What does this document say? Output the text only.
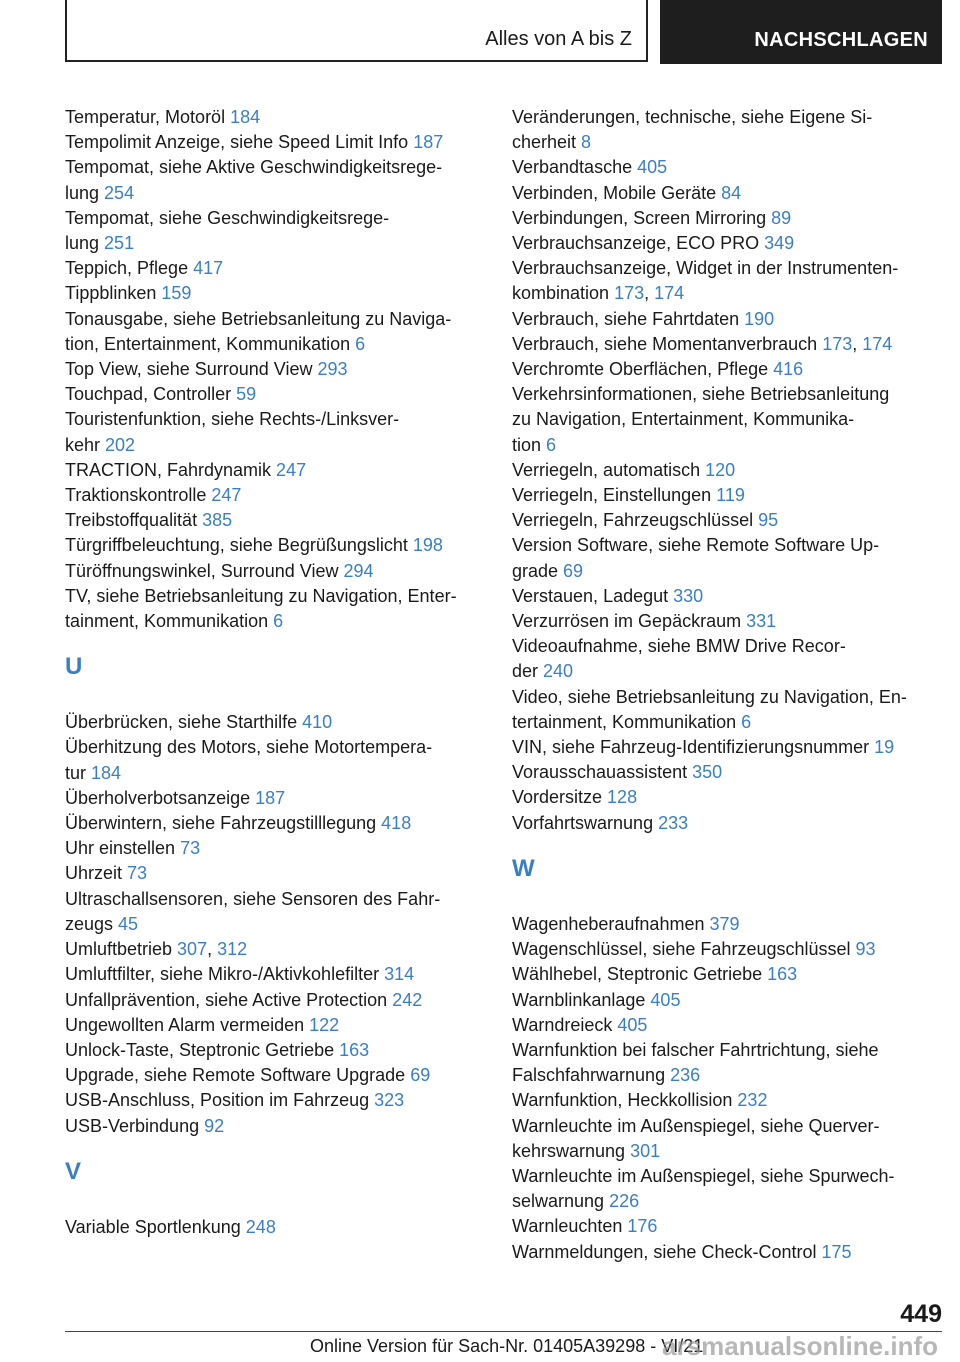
Alles von A bis Z	NACHSCHLAGEN
Temperatur, Motoröl 184
Tempolimit Anzeige, siehe Speed Limit Info 187
Tempomat, siehe Aktive Geschwindigkeitsrege-
lung 254
Tempomat, siehe Geschwindigkeitsrege-
lung 251
Teppich, Pflege 417
Tippblinken 159
Tonausgabe, siehe Betriebsanleitung zu Naviga-
tion, Entertainment, Kommunikation 6
Top View, siehe Surround View 293
Touchpad, Controller 59
Touristenfunktion, siehe Rechts-/Linksver-
kehr 202
TRACTION, Fahrdynamik 247
Traktionskontrolle 247
Treibstoffqualität 385
Türgriffbeleuchtung, siehe Begrüßungslicht 198
Türöffnungswinkel, Surround View 294
TV, siehe Betriebsanleitung zu Navigation, Enter-
tainment, Kommunikation 6
U
Überbrücken, siehe Starthilfe 410
Überhitzung des Motors, siehe Motortempera-
tur 184
Überholverbotsanzeige 187
Überwintern, siehe Fahrzeugstilllegung 418
Uhr einstellen 73
Uhrzeit 73
Ultraschallsensoren, siehe Sensoren des Fahr-
zeugs 45
Umluftbetrieb 307, 312
Umluftfilter, siehe Mikro-/Aktivkohlefilter 314
Unfallprävention, siehe Active Protection 242
Ungewollten Alarm vermeiden 122
Unlock-Taste, Steptronic Getriebe 163
Upgrade, siehe Remote Software Upgrade 69
USB-Anschluss, Position im Fahrzeug 323
USB-Verbindung 92
V
Variable Sportlenkung 248
Veränderungen, technische, siehe Eigene Si-
cherheit 8
Verbandtasche 405
Verbinden, Mobile Geräte 84
Verbindungen, Screen Mirroring 89
Verbrauchsanzeige, ECO PRO 349
Verbrauchsanzeige, Widget in der Instrumenten-
kombination 173, 174
Verbrauch, siehe Fahrtdaten 190
Verbrauch, siehe Momentanverbrauch 173, 174
Verchromte Oberflächen, Pflege 416
Verkehrsinformationen, siehe Betriebsanleitung
zu Navigation, Entertainment, Kommunika-
tion 6
Verriegeln, automatisch 120
Verriegeln, Einstellungen 119
Verriegeln, Fahrzeugschlüssel 95
Version Software, siehe Remote Software Up-
grade 69
Verstauen, Ladegut 330
Verzurrösen im Gepäckraum 331
Videoaufnahme, siehe BMW Drive Recor-
der 240
Video, siehe Betriebsanleitung zu Navigation, En-
tertainment, Kommunikation 6
VIN, siehe Fahrzeug-Identifizierungsnummer 19
Vorausschauassistent 350
Vordersitze 128
Vorfahrtswarnung 233
W
Wagenheberaufnahmen 379
Wagenschlüssel, siehe Fahrzeugschlüssel 93
Wählhebel, Steptronic Getriebe 163
Warnblinkanlage 405
Warndreieck 405
Warnfunktion bei falscher Fahrtrichtung, siehe
Falschfahrwarnung 236
Warnfunktion, Heckkollision 232
Warnleuchte im Außenspiegel, siehe Querver-
kehrswarnung 301
Warnleuchte im Außenspiegel, siehe Spurwech-
selwarnung 226
Warnleuchten 176
Warnmeldungen, siehe Check-Control 175
449
Online Version für Sach-Nr. 01405A39298 - VI/21
arsmanualsonline.info
